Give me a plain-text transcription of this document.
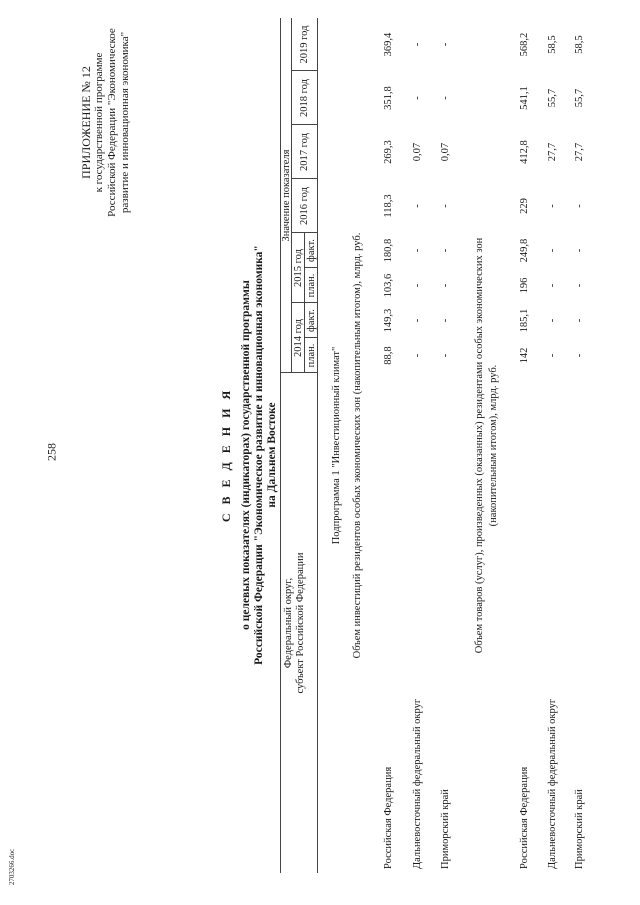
258
2703266.doc
ПРИЛОЖЕНИЕ № 12 к государственной программе Российской Федерации "Экономическое развитие и инновационная экономика"
С В Е Д Е Н И Я о целевых показателях (индикаторах) государственной программы Российской Федерации "Экономическое развитие и инновационная экономика" на Дальнем Востоке
Федеральный округ, субъект Российской Федерации
Значение показателя
2014 год
2015 год
2016 год
2017 год
2018 год
2019 год
план.
факт.
план.
факт.
Подпрограмма 1 "Инвестиционный климат" Объем инвестиций резидентов особых экономических зон (накопительным итогом), млрд. руб.
Российская Федерация
88,8
149,3
103,6
180,8
118,3
269,3
351,8
369,4
Дальневосточный федеральный округ
-
-
-
-
-
0,07
-
-
Приморский край
-
-
-
-
-
0,07
-
-
Объем товаров (услуг), произведенных (оказанных) резидентами особых экономических зон (накопительным итогом), млрд. руб.
Российская Федерация
142
185,1
196
249,8
229
412,8
541,1
568,2
Дальневосточный федеральный округ
-
-
-
-
-
27,7
55,7
58,5
Приморский край
-
-
-
-
-
27,7
55,7
58,5
